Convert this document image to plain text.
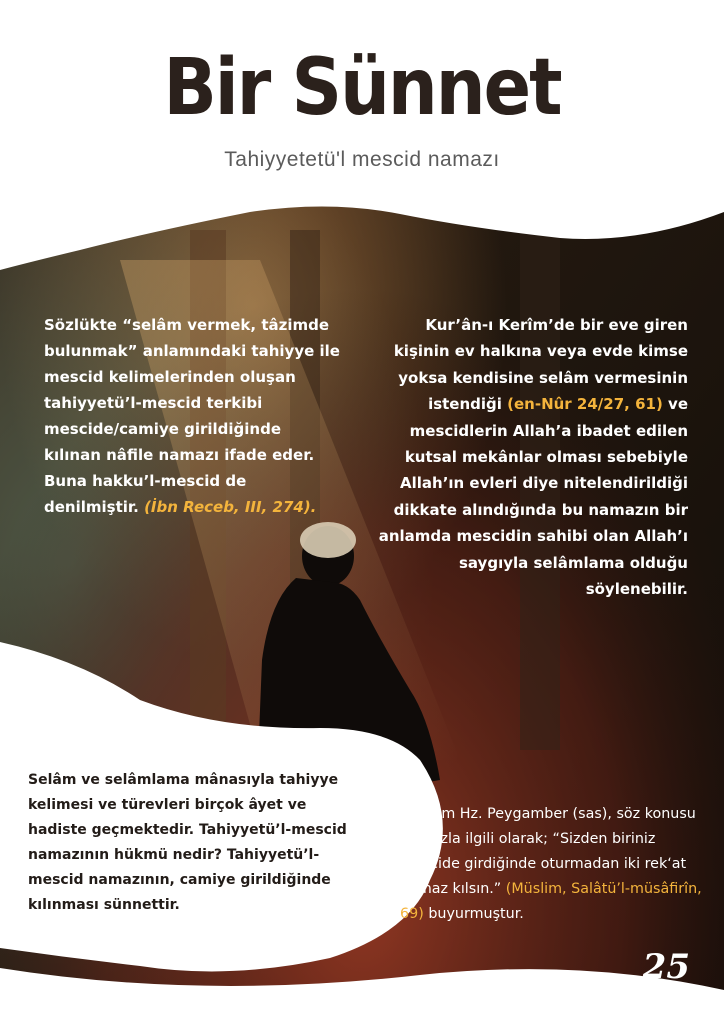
Bir Sünnet
Tahiyyetetü'l mescid namazı

Sözlükte “selâm vermek, tâzimde bulunmak” anlamındaki tahiyye ile mescid kelimelerinden oluşan tahiyyetü’l-mescid terkibi mescide/camiye girildiğinde kılınan nâfile namazı ifade eder. Buna hakku’l-mescid de denilmiştir. (İbn Receb, III, 274).

Kur’ân-ı Kerîm’de bir eve giren kişinin ev halkına veya evde kimse yoksa kendisine selâm vermesinin istendiği (en-Nûr 24/27, 61) ve mescidlerin Allah’a ibadet edilen kutsal mekânlar olması sebebiyle Allah’ın evleri diye nitelendirildiği dikkate alındığında bu namazın bir anlamda mescidin sahibi olan Allah’ı saygıyla selâmlama olduğu söylenebilir.

Selâm ve selâmlama mânasıyla tahiyye kelimesi ve türevleri birçok âyet ve hadiste geçmektedir. Tahiyyetü’l-mescid namazının hükmü nedir? Tahiyyetü’l-mescid namazının, camiye girildiğinde kılınması sünnettir.

Nitekim Hz. Peygamber (sas), söz konusu namazla ilgili olarak; “Sizden biriniz mescide girdiğinde oturmadan iki rek‘at namaz kılsın.” (Müslim, Salâtü’l-müsâfirîn, 69) buyurmuştur.

25
